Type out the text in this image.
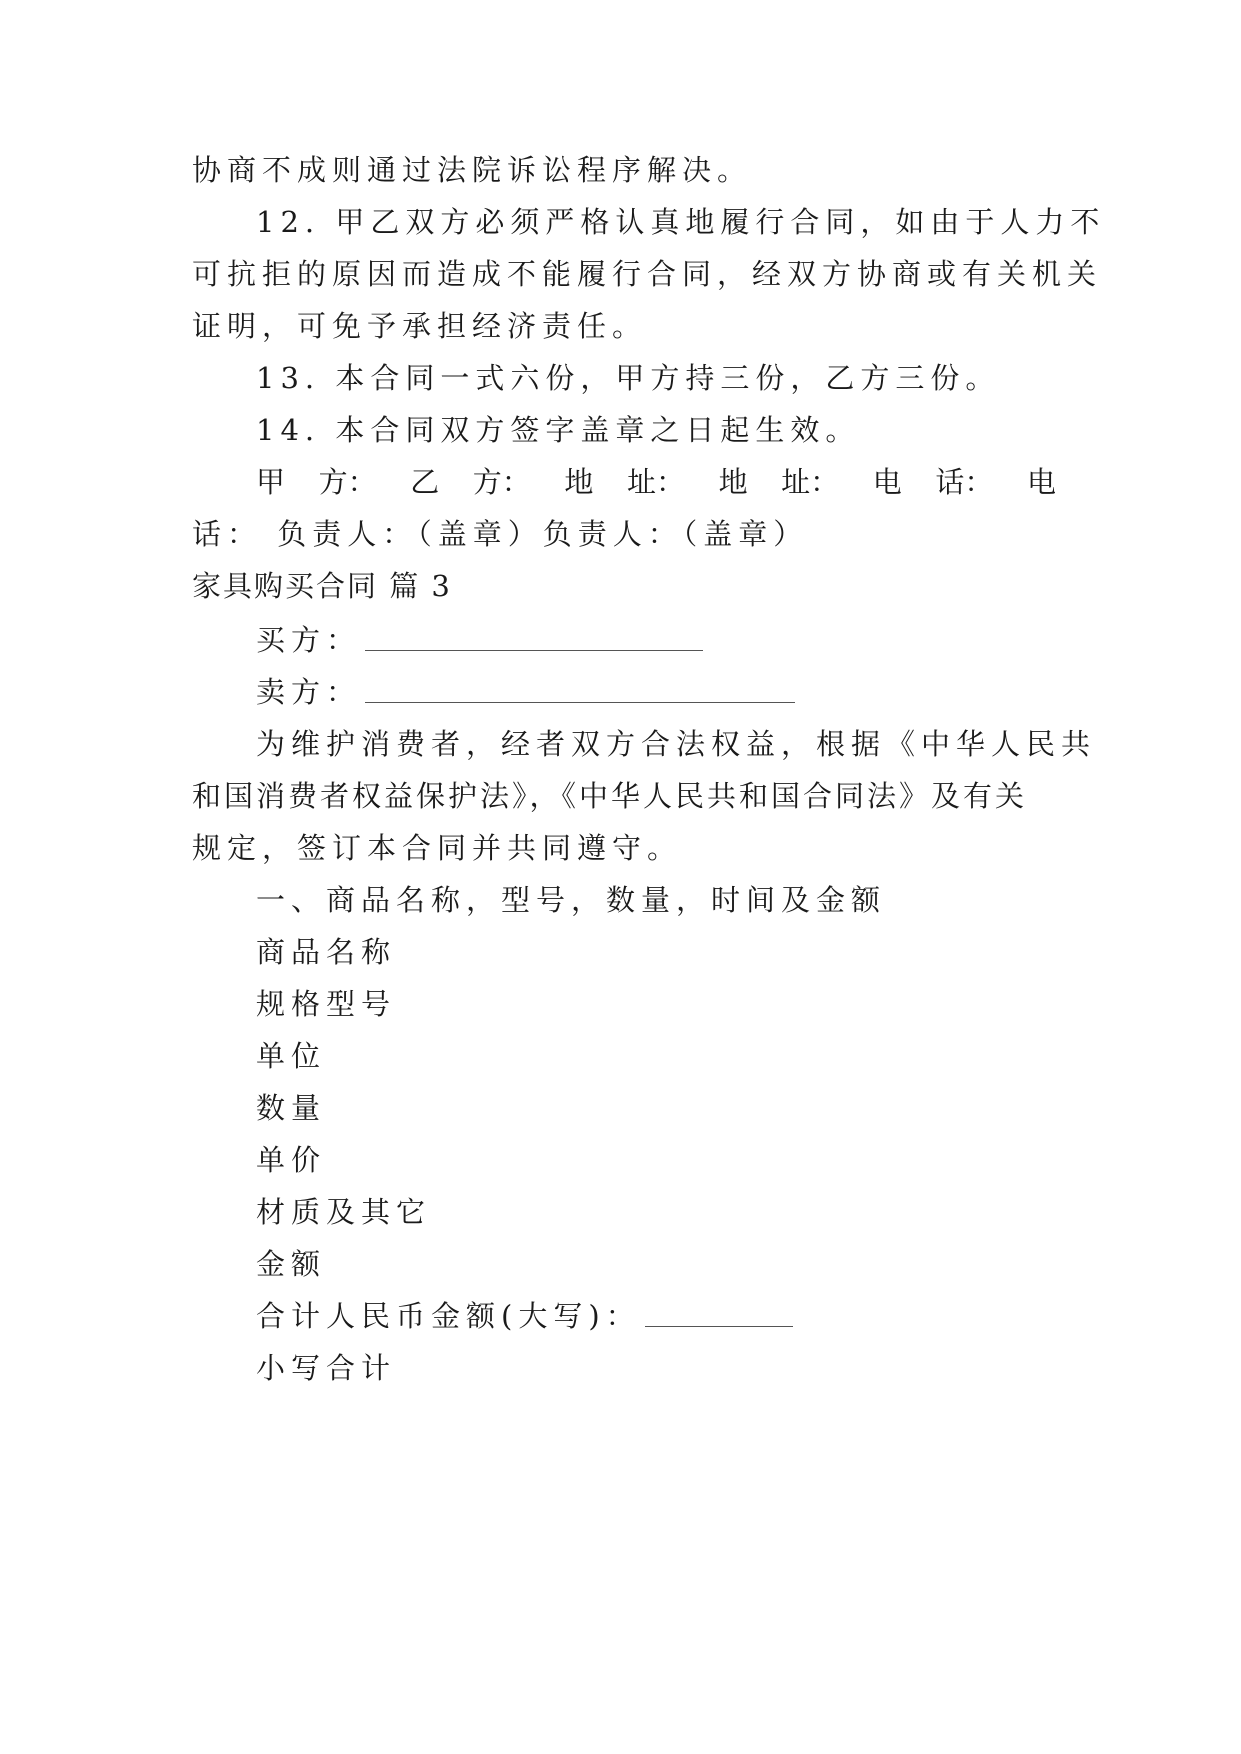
协商不成则通过法院诉讼程序解决。
12. 甲乙双方必须严格认真地履行合同，如由于人力不
可抗拒的原因而造成不能履行合同，经双方协商或有关机关
证明，可免予承担经济责任。
13. 本合同一式六份，甲方持三份，乙方三份。
14. 本合同双方签字盖章之日起生效。
甲 方： 乙 方： 地 址： 地 址： 电 话： 电
话： 负责人：（盖章）负责人：（盖章）
家具购买合同 篇 3
买方：
卖方：
为维护消费者，经者双方合法权益，根据《中华人民共
和国消费者权益保护法》，《中华人民共和国合同法》及有关
规定，签订本合同并共同遵守。
一、商品名称，型号，数量，时间及金额
商品名称
规格型号
单位
数量
单价
材质及其它
金额
合计人民币金额(大写)：
小写合计
